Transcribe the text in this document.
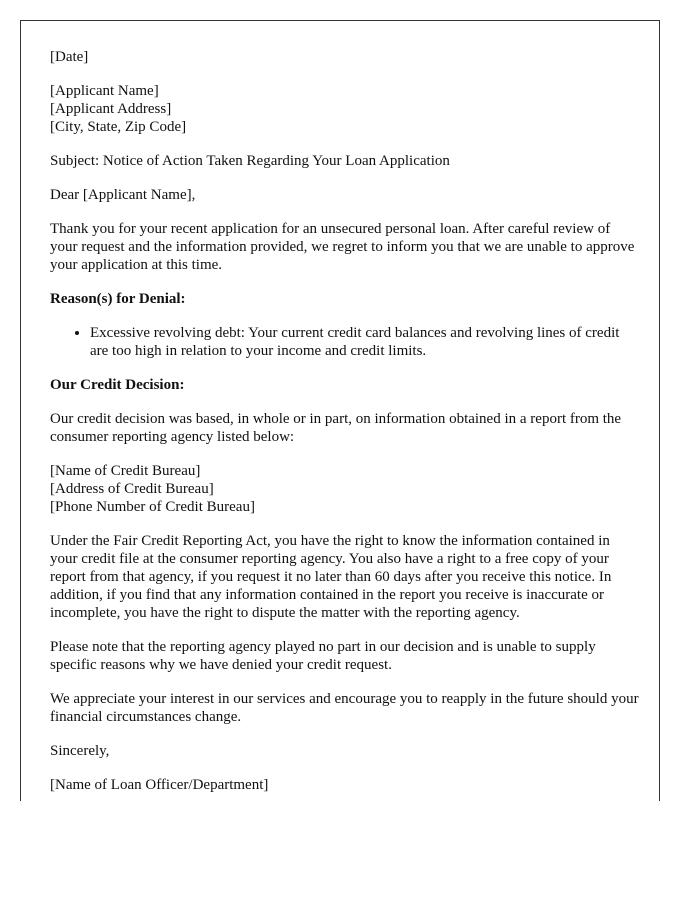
[Date]

[Applicant Name]
[Applicant Address]
[City, State, Zip Code]

Subject: Notice of Action Taken Regarding Your Loan Application

Dear [Applicant Name],

Thank you for your recent application for an unsecured personal loan. After careful review of your request and the information provided, we regret to inform you that we are unable to approve your application at this time.

Reason(s) for Denial:

• Excessive revolving debt: Your current credit card balances and revolving lines of credit are too high in relation to your income and credit limits.

Our Credit Decision:

Our credit decision was based, in whole or in part, on information obtained in a report from the consumer reporting agency listed below:

[Name of Credit Bureau]
[Address of Credit Bureau]
[Phone Number of Credit Bureau]

Under the Fair Credit Reporting Act, you have the right to know the information contained in your credit file at the consumer reporting agency. You also have a right to a free copy of your report from that agency, if you request it no later than 60 days after you receive this notice. In addition, if you find that any information contained in the report you receive is inaccurate or incomplete, you have the right to dispute the matter with the reporting agency.

Please note that the reporting agency played no part in our decision and is unable to supply specific reasons why we have denied your credit request.

We appreciate your interest in our services and encourage you to reapply in the future should your financial circumstances change.

Sincerely,

[Name of Loan Officer/Department]
